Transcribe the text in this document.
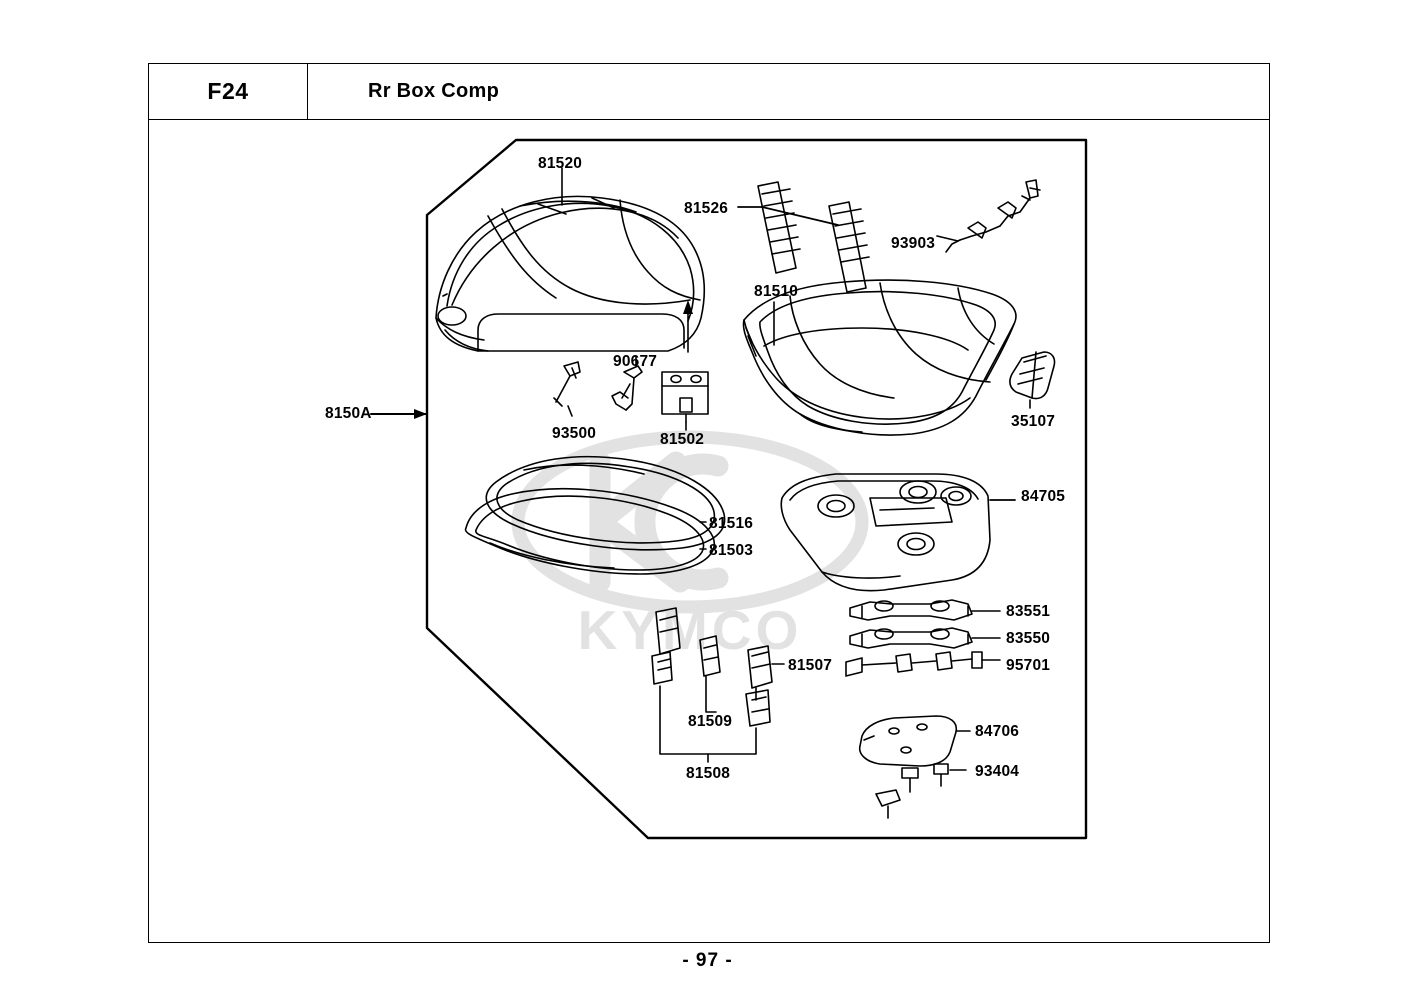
KYMCO
F24	Rr Box Comp
81520
81526
93903
81510
90677
35107
8150A
93500	81502
84705
81516
81503
83551
83550
95701
81507
81509
84706
93404
81508
- 97 -
